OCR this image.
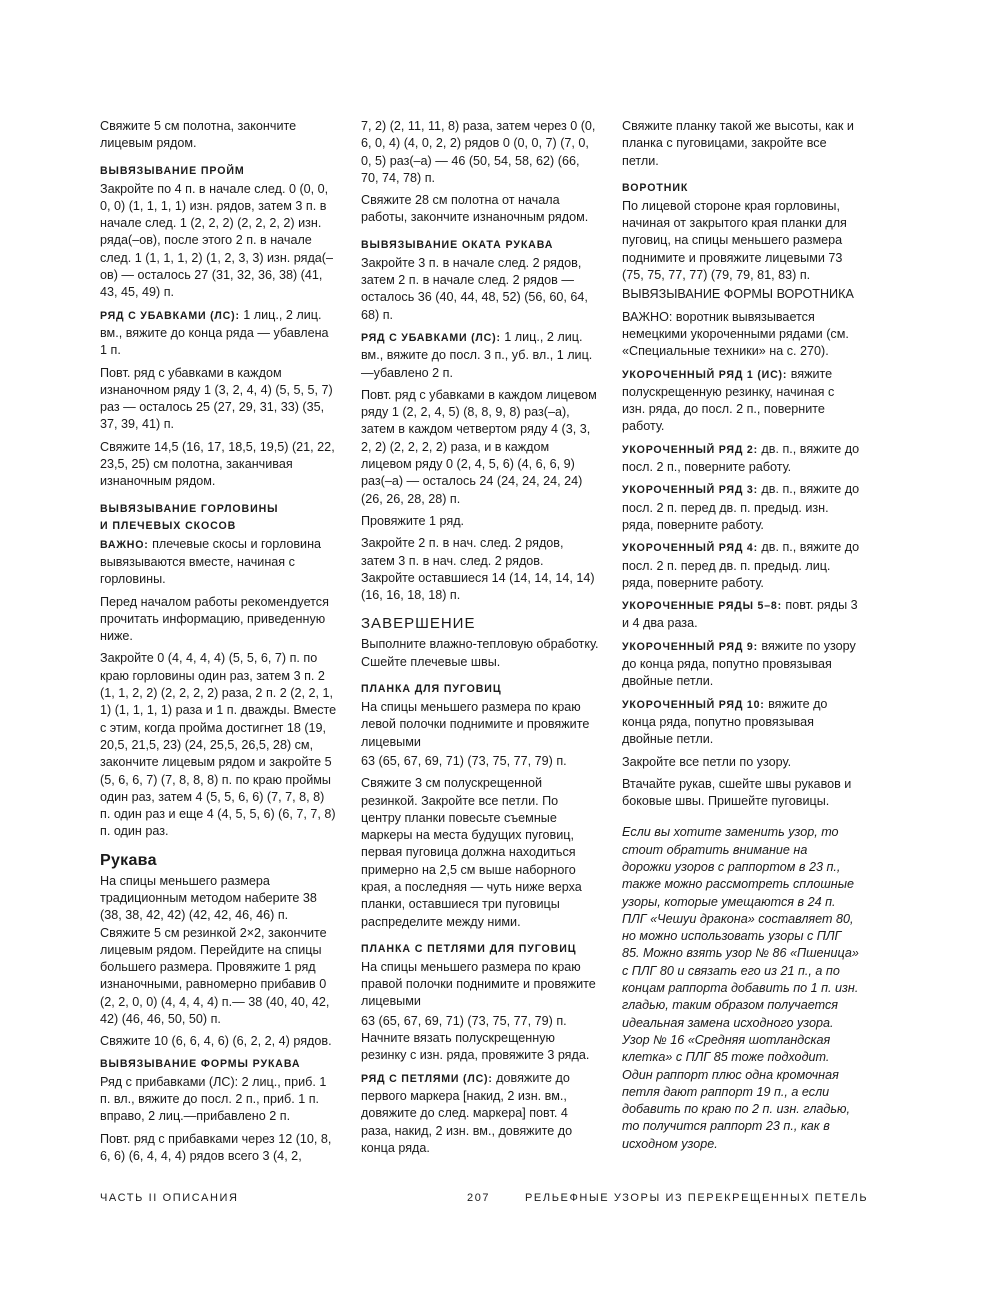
Свяжите 5 см полотна, закончите лицевым рядом.

ВЫВЯЗЫВАНИЕ ПРОЙМ

Закройте по 4 п. в начале след. 0 (0, 0, 0, 0) (1, 1, 1, 1) изн. рядов, затем 3 п. в начале след. 1 (2, 2, 2) (2, 2, 2, 2) изн. ряда(–ов), после этого 2 п. в начале след. 1 (1, 1, 1, 2) (1, 2, 3, 3) изн. ряда(–ов) — осталось 27 (31, 32, 36, 38) (41, 43, 45, 49) п.

РЯД С УБАВКАМИ (ЛС): 1 лиц., 2 лиц. вм., вяжите до конца ряда — убавлена 1 п.

Повт. ряд с убавками в каждом изнаночном ряду 1 (3, 2, 4, 4) (5, 5, 5, 7) раз — осталось 25 (27, 29, 31, 33) (35, 37, 39, 41) п.

Свяжите 14,5 (16, 17, 18,5, 19,5) (21, 22, 23,5, 25) см полотна, заканчивая изнаночным рядом.

ВЫВЯЗЫВАНИЕ ГОРЛОВИНЫ
И ПЛЕЧЕВЫХ СКОСОВ

ВАЖНО: плечевые скосы и горловина вывязываются вместе, начиная с горловины.

Перед началом работы рекомендуется прочитать информацию, приведенную ниже.

Закройте 0 (4, 4, 4, 4) (5, 5, 6, 7) п. по краю горловины один раз, затем 3 п. 2 (1, 1, 2, 2) (2, 2, 2, 2) раза, 2 п. 2 (2, 2, 1, 1) (1, 1, 1, 1) раза и 1 п. дважды. Вместе с этим, когда пройма достигнет 18 (19, 20,5, 21,5, 23) (24, 25,5, 26,5, 28) см, закончите лицевым рядом и закройте 5 (5, 6, 6, 7) (7, 8, 8, 8) п. по краю проймы один раз, затем 4 (5, 5, 6, 6) (7, 7, 8, 8) п. один раз и еще 4 (4, 5, 5, 6) (6, 7, 7, 8) п. один раз.

Рукава

На спицы меньшего размера традиционным методом наберите 38 (38, 38, 42, 42) (42, 42, 46, 46) п. Свяжите 5 см резинкой 2×2, закончите лицевым рядом. Перейдите на спицы большего размера. Провяжите 1 ряд изнаночными, равномерно прибавив 0 (2, 2, 0, 0) (4, 4, 4, 4) п.— 38 (40, 40, 42, 42) (46, 46, 50, 50) п.

Свяжите 10 (6, 6, 4, 6) (6, 2, 2, 4) рядов.

ВЫВЯЗЫВАНИЕ ФОРМЫ РУКАВА

Ряд с прибавками (ЛС): 2 лиц., приб. 1 п. вл., вяжите до посл. 2 п., приб. 1 п. вправо, 2 лиц.—прибавлено 2 п.

Повт. ряд с прибавками через 12 (10, 8, 6, 6) (6, 4, 4, 4) рядов всего 3 (4, 2,

7, 2) (2, 11, 11, 8) раза, затем через 0 (0, 6, 0, 4) (4, 0, 2, 2) рядов 0 (0, 0, 7) (7, 0, 0, 5) раз(–а) — 46 (50, 54, 58, 62) (66, 70, 74, 78) п.

Свяжите 28 см полотна от начала работы, закончите изнаночным рядом.

ВЫВЯЗЫВАНИЕ ОКАТА РУКАВА

Закройте 3 п. в начале след. 2 рядов, затем 2 п. в начале след. 2 рядов — осталось 36 (40, 44, 48, 52) (56, 60, 64, 68) п.

РЯД С УБАВКАМИ (ЛС): 1 лиц., 2 лиц. вм., вяжите до посл. 3 п., уб. вл., 1 лиц.—убавлено 2 п.

Повт. ряд с убавками в каждом лицевом ряду 1 (2, 2, 4, 5) (8, 8, 9, 8) раз(–а), затем в каждом четвертом ряду 4 (3, 3, 2, 2) (2, 2, 2, 2) раза, и в каждом лицевом ряду 0 (2, 4, 5, 6) (4, 6, 6, 9) раз(–а) — осталось 24 (24, 24, 24, 24) (26, 26, 28, 28) п.

Провяжите 1 ряд.

Закройте 2 п. в нач. след. 2 рядов, затем 3 п. в нач. след. 2 рядов. Закройте оставшиеся 14 (14, 14, 14, 14) (16, 16, 18, 18) п.

ЗАВЕРШЕНИЕ

Выполните влажно-тепловую обработку. Сшейте плечевые швы.

ПЛАНКА ДЛЯ ПУГОВИЦ

На спицы меньшего размера по краю левой полочки поднимите и провяжите лицевыми

63 (65, 67, 69, 71) (73, 75, 77, 79) п.

Свяжите 3 см полускрещенной резинкой. Закройте все петли. По центру планки повесьте съемные маркеры на места будущих пуговиц, первая пуговица должна находиться примерно на 2,5 см выше наборного края, а последняя — чуть ниже верха планки, оставшиеся три пуговицы распределите между ними.

ПЛАНКА С ПЕТЛЯМИ ДЛЯ ПУГОВИЦ

На спицы меньшего размера по краю правой полочки поднимите и провяжите лицевыми

63 (65, 67, 69, 71) (73, 75, 77, 79) п. Начните вязать полускрещенную резинку с изн. ряда, провяжите 3 ряда.

РЯД С ПЕТЛЯМИ (ЛС): довяжите до первого маркера [накид, 2 изн. вм., довяжите до след. маркера] повт. 4 раза, накид, 2 изн. вм., довяжите до конца ряда.

Свяжите планку такой же высоты, как и планка с пуговицами, закройте все петли.

ВОРОТНИК

По лицевой стороне края горловины, начиная от закрытого края планки для пуговиц, на спицы меньшего размера поднимите и провяжите лицевыми 73 (75, 75, 77, 77) (79, 79, 81, 83) п.

ВЫВЯЗЫВАНИЕ ФОРМЫ ВОРОТНИКА

ВАЖНО: воротник вывязывается немецкими укороченными рядами (см. «Специальные техники» на с. 270).

УКОРОЧЕННЫЙ РЯД 1 (ИС): вяжите полускрещенную резинку, начиная с изн. ряда, до посл. 2 п., поверните работу.

УКОРОЧЕННЫЙ РЯД 2: дв. п., вяжите до посл. 2 п., поверните работу.

УКОРОЧЕННЫЙ РЯД 3: дв. п., вяжите до посл. 2 п. перед дв. п. предыд. изн. ряда, поверните работу.

УКОРОЧЕННЫЙ РЯД 4: дв. п., вяжите до посл. 2 п. перед дв. п. предыд. лиц. ряда, поверните работу.

УКОРОЧЕННЫЕ РЯДЫ 5–8: повт. ряды 3 и 4 два раза.

УКОРОЧЕННЫЙ РЯД 9: вяжите по узору до конца ряда, попутно провязывая двойные петли.

УКОРОЧЕННЫЙ РЯД 10: вяжите до конца ряда, попутно провязывая двойные петли.

Закройте все петли по узору.

Втачайте рукав, сшейте швы рукавов и боковые швы. Пришейте пуговицы.

Если вы хотите заменить узор, то стоит обратить внимание на дорожки узоров с раппортом в 23 п., также можно рассмотреть сплошные узоры, которые умещаются в 24 п. ПЛГ «Чешуи дракона» составляет 80, но можно использовать узоры с ПЛГ 85. Можно взять узор № 86 «Пшеница» с ПЛГ 80 и связать его из 21 п., а по концам раппорта добавить по 1 п. изн. гладью, таким образом получается идеальная замена исходного узора. Узор № 16 «Средняя шотландская клетка» с ПЛГ 85 тоже подходит. Один раппорт плюс одна кромочная петля дают раппорт 19 п., а если добавить по краю по 2 п. изн. гладью, то получится раппорт 23 п., как в исходном узоре.

ЧАСТЬ II ОПИСАНИЯ	207	РЕЛЬЕФНЫЕ УЗОРЫ ИЗ ПЕРЕКРЕЩЕННЫХ ПЕТЕЛЬ
